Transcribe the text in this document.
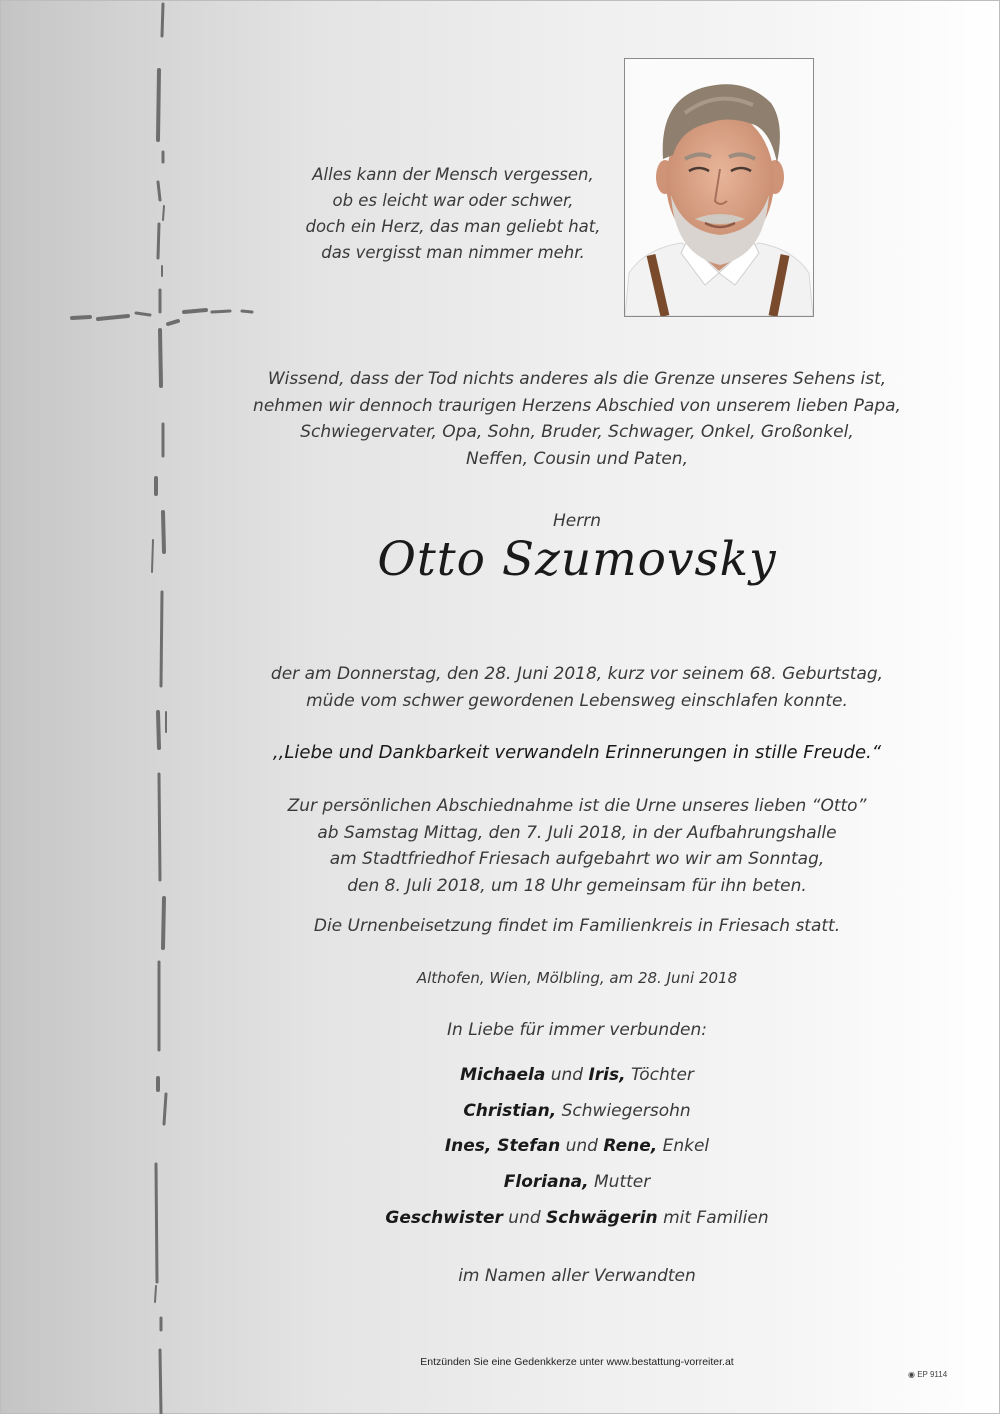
Alles kann der Mensch vergessen,
ob es leicht war oder schwer,
doch ein Herz, das man geliebt hat,
das vergisst man nimmer mehr.
Wissend, dass der Tod nichts anderes als die Grenze unseres Sehens ist,
nehmen wir dennoch traurigen Herzens Abschied von unserem lieben Papa,
Schwiegervater, Opa, Sohn, Bruder, Schwager, Onkel, Großonkel,
Neffen, Cousin und Paten,
Herrn
Otto Szumovsky
der am Donnerstag, den 28. Juni 2018, kurz vor seinem 68. Geburtstag,
müde vom schwer gewordenen Lebensweg einschlafen konnte.
,,Liebe und Dankbarkeit verwandeln Erinnerungen in stille Freude.“
Zur persönlichen Abschiednahme ist die Urne unseres lieben “Otto”
ab Samstag Mittag, den 7. Juli 2018, in der Aufbahrungshalle
am Stadtfriedhof Friesach aufgebahrt wo wir am Sonntag,
den 8. Juli 2018, um 18 Uhr gemeinsam für ihn beten.
Die Urnenbeisetzung findet im Familienkreis in Friesach statt.
Althofen, Wien, Mölbling, am 28. Juni 2018
In Liebe für immer verbunden:
Michaela und Iris, Töchter
Christian, Schwiegersohn
Ines, Stefan und Rene, Enkel
Floriana, Mutter
Geschwister und Schwägerin mit Familien
im Namen aller Verwandten
Entzünden Sie eine Gedenkkerze unter www.bestattung-vorreiter.at
◉ EP 9114
